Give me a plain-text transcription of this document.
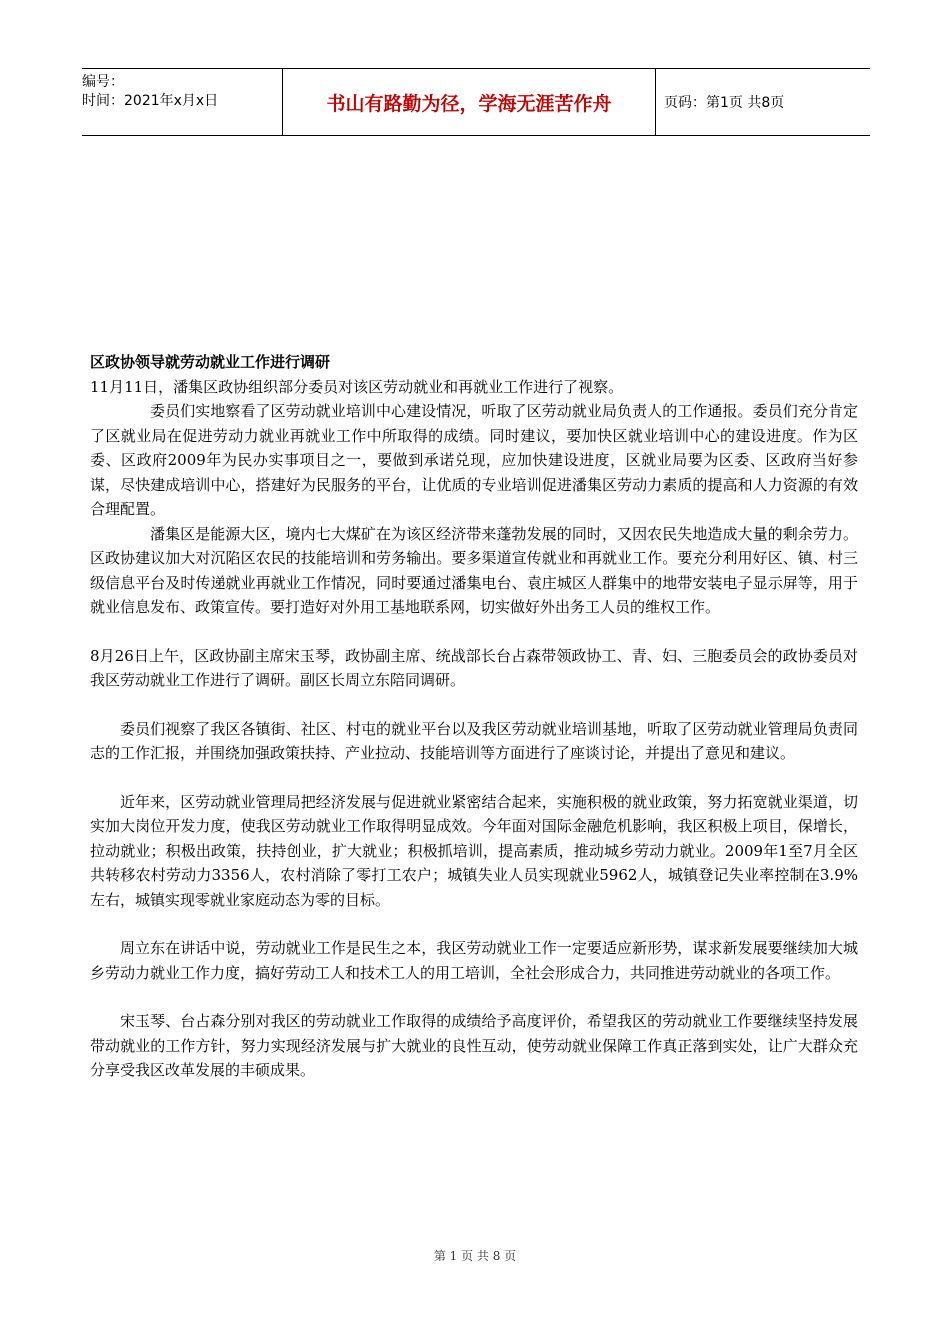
编号：
时间：2021年x月x日	书山有路勤为径，学海无涯苦作舟	页码：第1页 共8页

区政协领导就劳动就业工作进行调研

11月11日，潘集区政协组织部分委员对该区劳动就业和再就业工作进行了视察。

委员们实地察看了区劳动就业培训中心建设情况，听取了区劳动就业局负责人的工作通报。委员们充分肯定了区就业局在促进劳动力就业再就业工作中所取得的成绩。同时建议，要加快区就业培训中心的建设进度。作为区委、区政府2009年为民办实事项目之一，要做到承诺兑现，应加快建设进度，区就业局要为区委、区政府当好参谋，尽快建成培训中心，搭建好为民服务的平台，让优质的专业培训促进潘集区劳动力素质的提高和人力资源的有效合理配置。

潘集区是能源大区，境内七大煤矿在为该区经济带来蓬勃发展的同时，又因农民失地造成大量的剩余劳力。区政协建议加大对沉陷区农民的技能培训和劳务输出。要多渠道宣传就业和再就业工作。要充分利用好区、镇、村三级信息平台及时传递就业再就业工作情况，同时要通过潘集电台、袁庄城区人群集中的地带安装电子显示屏等，用于就业信息发布、政策宣传。要打造好对外用工基地联系网，切实做好外出务工人员的维权工作。

8月26日上午，区政协副主席宋玉琴，政协副主席、统战部长台占森带领政协工、青、妇、三胞委员会的政协委员对我区劳动就业工作进行了调研。副区长周立东陪同调研。

委员们视察了我区各镇街、社区、村屯的就业平台以及我区劳动就业培训基地，听取了区劳动就业管理局负责同志的工作汇报，并围绕加强政策扶持、产业拉动、技能培训等方面进行了座谈讨论，并提出了意见和建议。

近年来，区劳动就业管理局把经济发展与促进就业紧密结合起来，实施积极的就业政策，努力拓宽就业渠道，切实加大岗位开发力度，使我区劳动就业工作取得明显成效。今年面对国际金融危机影响，我区积极上项目，保增长，拉动就业；积极出政策，扶持创业，扩大就业；积极抓培训，提高素质，推动城乡劳动力就业。2009年1至7月全区共转移农村劳动力3356人，农村消除了零打工农户；城镇失业人员实现就业5962人，城镇登记失业率控制在3.9%左右，城镇实现零就业家庭动态为零的目标。

周立东在讲话中说，劳动就业工作是民生之本，我区劳动就业工作一定要适应新形势，谋求新发展要继续加大城乡劳动力就业工作力度，搞好劳动工人和技术工人的用工培训，全社会形成合力，共同推进劳动就业的各项工作。

宋玉琴、台占森分别对我区的劳动就业工作取得的成绩给予高度评价，希望我区的劳动就业工作要继续坚持发展带动就业的工作方针，努力实现经济发展与扩大就业的良性互动，使劳动就业保障工作真正落到实处，让广大群众充分享受我区改革发展的丰硕成果。

第 1 页 共 8 页
